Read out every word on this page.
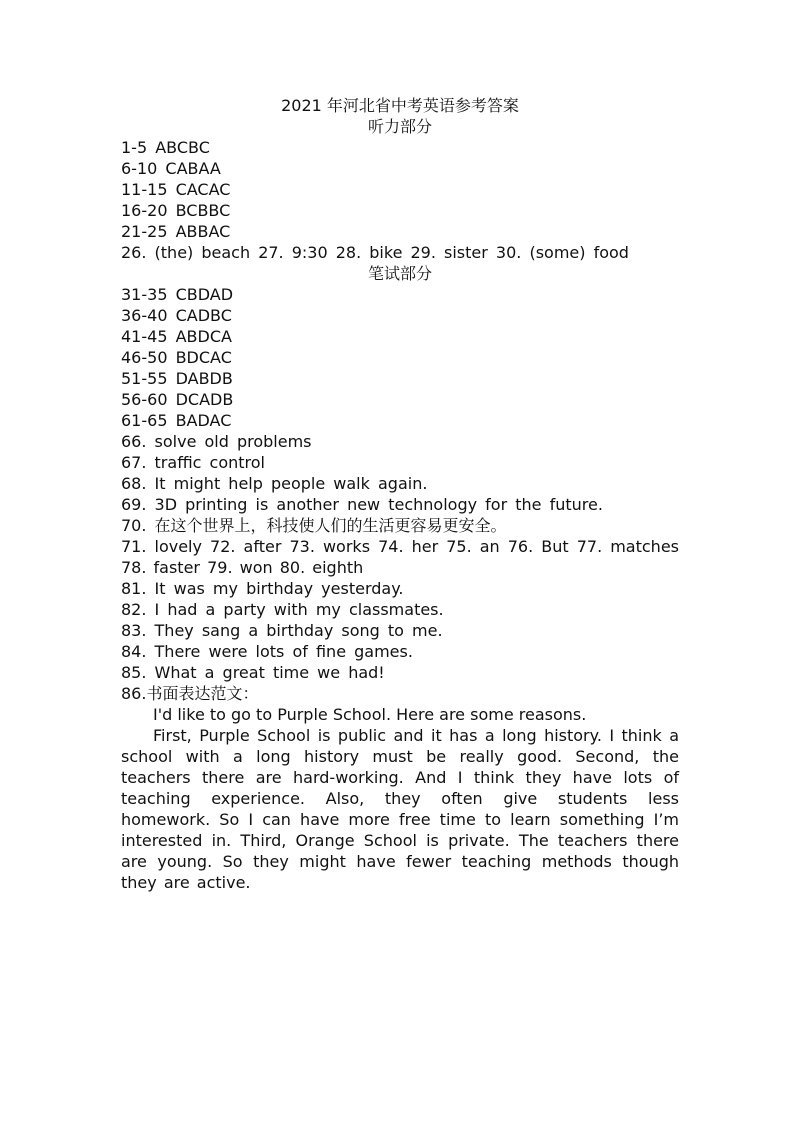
2021 年河北省中考英语参考答案
听力部分
1-5 ABCBC
6-10 CABAA
11-15 CACAC
16-20 BCBBC
21-25 ABBAC
26. (the) beach 27. 9:30 28. bike 29. sister 30. (some) food
笔试部分
31-35 CBDAD
36-40 CADBC
41-45 ABDCA
46-50 BDCAC
51-55 DABDB
56-60 DCADB
61-65 BADAC
66. solve old problems
67. traffic control
68. It might help people walk again.
69. 3D printing is another new technology for the future.
70. 在这个世界上，科技使人们的生活更容易更安全。
71. lovely 72. after 73. works 74. her 75. an 76. But 77. matches 78. faster 79. won 80. eighth
81. It was my birthday yesterday.
82. I had a party with my classmates.
83. They sang a birthday song to me.
84. There were lots of fine games.
85. What a great time we had!
86.书面表达范文：

I'd like to go to Purple School. Here are some reasons.

First, Purple School is public and it has a long history. I think a school with a long history must be really good. Second, the teachers there are hard-working. And I think they have lots of teaching experience. Also, they often give students less homework. So I can have more free time to learn something I’m interested in. Third, Orange School is private. The teachers there are young. So they might have fewer teaching methods though they are active.
